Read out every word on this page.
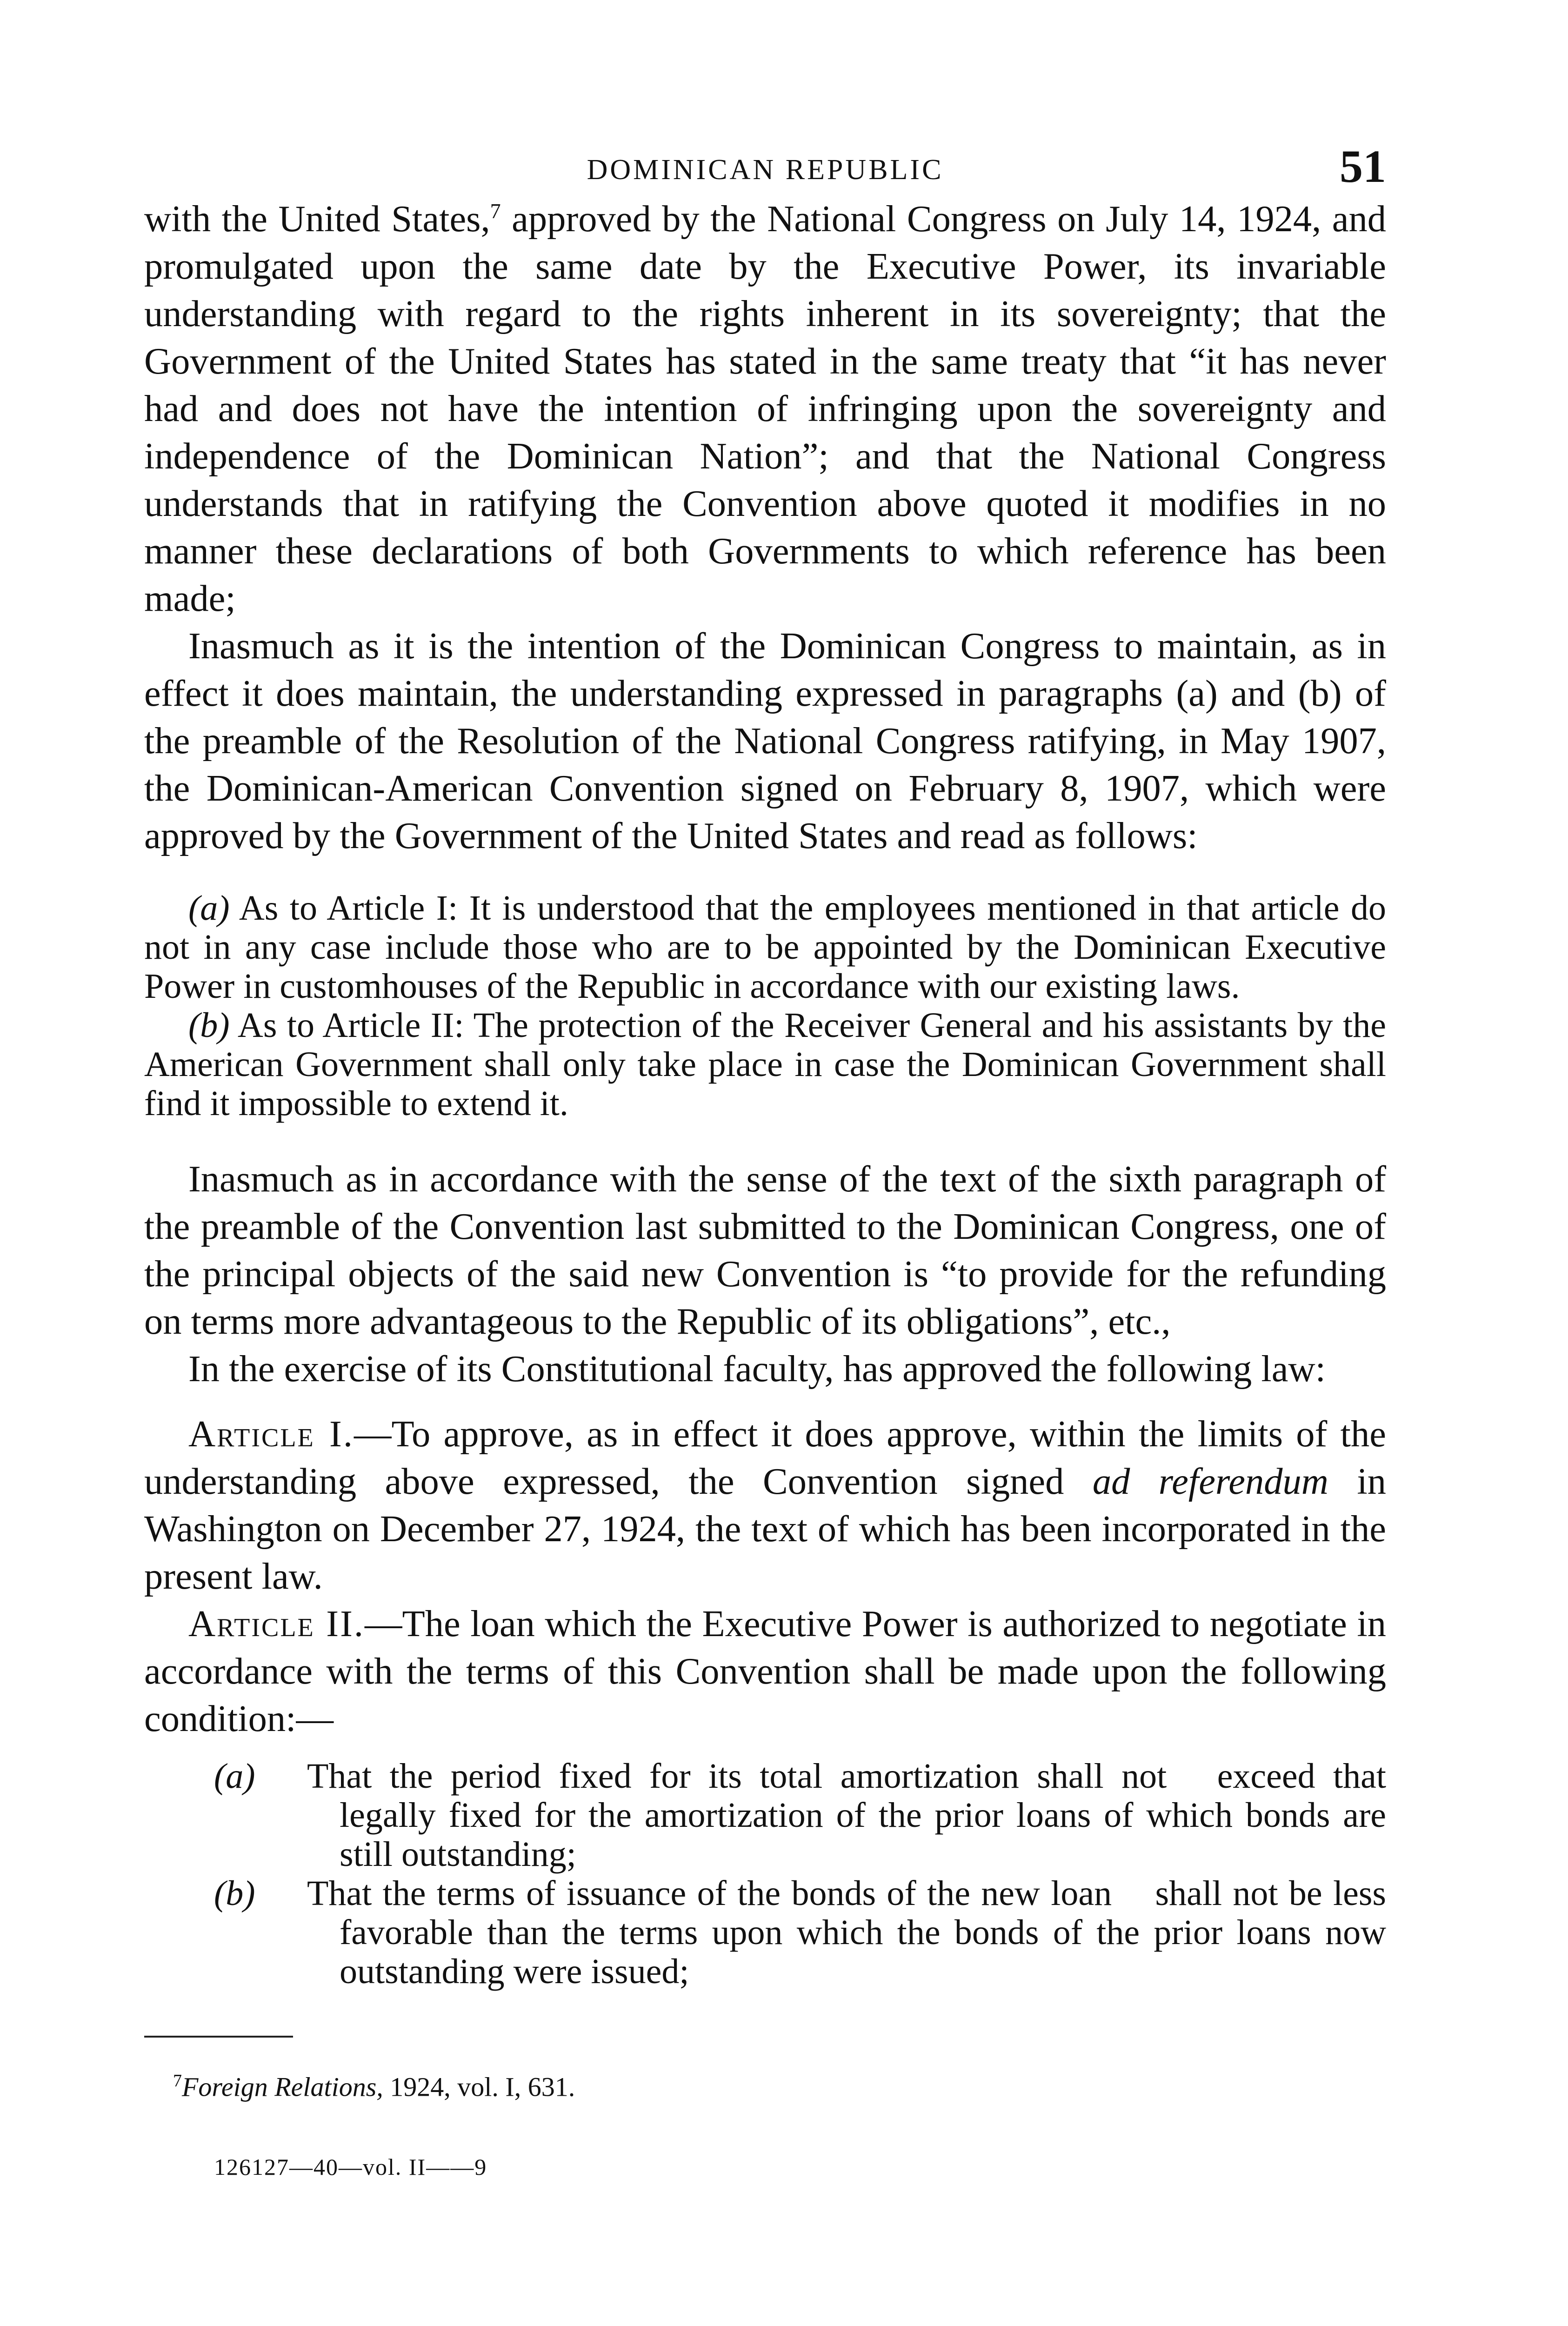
DOMINICAN REPUBLIC	51

with the United States,$^7$ approved by the National Congress on July 14, 1924, and promulgated upon the same date by the Executive Power, its invariable understanding with regard to the rights inherent in its sovereignty; that the Government of the United States has stated in the same treaty that “it has never had and does not have the intention of infringing upon the sovereignty and independence of the Dominican Nation”; and that the National Congress understands that in ratifying the Convention above quoted it modifies in no manner these declarations of both Governments to which reference has been made;

Inasmuch as it is the intention of the Dominican Congress to maintain, as in effect it does maintain, the understanding expressed in paragraphs (a) and (b) of the preamble of the Resolution of the National Congress ratifying, in May 1907, the Dominican-American Convention signed on February 8, 1907, which were approved by the Government of the United States and read as follows:

(a) As to Article I: It is understood that the employees mentioned in that article do not in any case include those who are to be appointed by the Dominican Executive Power in customhouses of the Republic in accordance with our existing laws.

(b) As to Article II: The protection of the Receiver General and his assistants by the American Government shall only take place in case the Dominican Government shall find it impossible to extend it.

Inasmuch as in accordance with the sense of the text of the sixth paragraph of the preamble of the Convention last submitted to the Dominican Congress, one of the principal objects of the said new Convention is “to provide for the refunding on terms more advantageous to the Republic of its obligations”, etc.,

In the exercise of its Constitutional faculty, has approved the following law:

Article I.—To approve, as in effect it does approve, within the limits of the understanding above expressed, the Convention signed ad referendum in Washington on December 27, 1924, the text of which has been incorporated in the present law.

Article II.—The loan which the Executive Power is authorized to negotiate in accordance with the terms of this Convention shall be made upon the following condition:—

(a)	That the period fixed for its total amortization shall not exceed that legally fixed for the amortization of the prior loans of which bonds are still outstanding;

(b)	That the terms of issuance of the bonds of the new loan shall not be less favorable than the terms upon which the bonds of the prior loans now outstanding were issued;

$^7$Foreign Relations, 1924, vol. I, 631.
126127—40—vol. II——9
